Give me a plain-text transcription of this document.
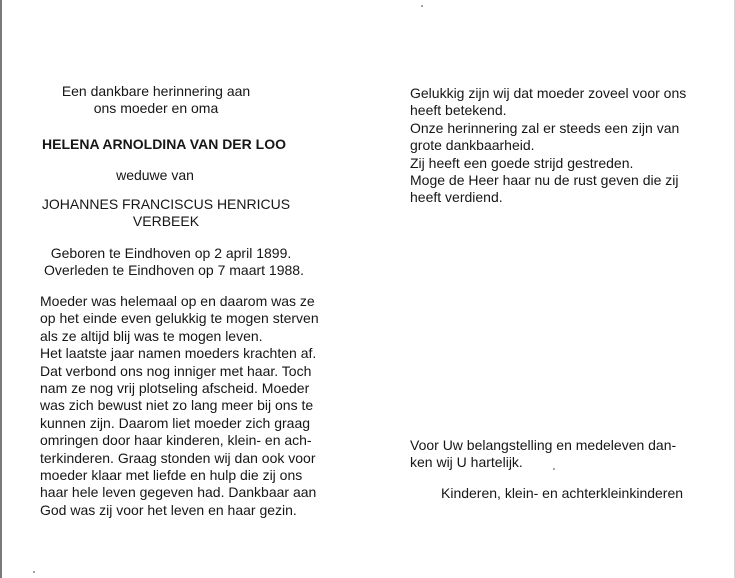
Een dankbare herinnering aan
ons moeder en oma
HELENA ARNOLDINA VAN DER LOO
weduwe van
JOHANNES FRANCISCUS HENRICUS
VERBEEK
Geboren te Eindhoven op 2 april 1899.
Overleden te Eindhoven op 7 maart 1988.
Moeder was helemaal op en daarom was ze
op het einde even gelukkig te mogen sterven
als ze altijd blij was te mogen leven.
Het laatste jaar namen moeders krachten af.
Dat verbond ons nog inniger met haar. Toch
nam ze nog vrij plotseling afscheid. Moeder
was zich bewust niet zo lang meer bij ons te
kunnen zijn. Daarom liet moeder zich graag
omringen door haar kinderen, klein- en ach-
terkinderen. Graag stonden wij dan ook voor
moeder klaar met liefde en hulp die zij ons
haar hele leven gegeven had. Dankbaar aan
God was zij voor het leven en haar gezin.
Gelukkig zijn wij dat moeder zoveel voor ons
heeft betekend.
Onze herinnering zal er steeds een zijn van
grote dankbaarheid.
Zij heeft een goede strijd gestreden.
Moge de Heer haar nu de rust geven die zij
heeft verdiend.
Voor Uw belangstelling en medeleven dan-
ken wij U hartelijk.
Kinderen, klein- en achterkleinkinderen
